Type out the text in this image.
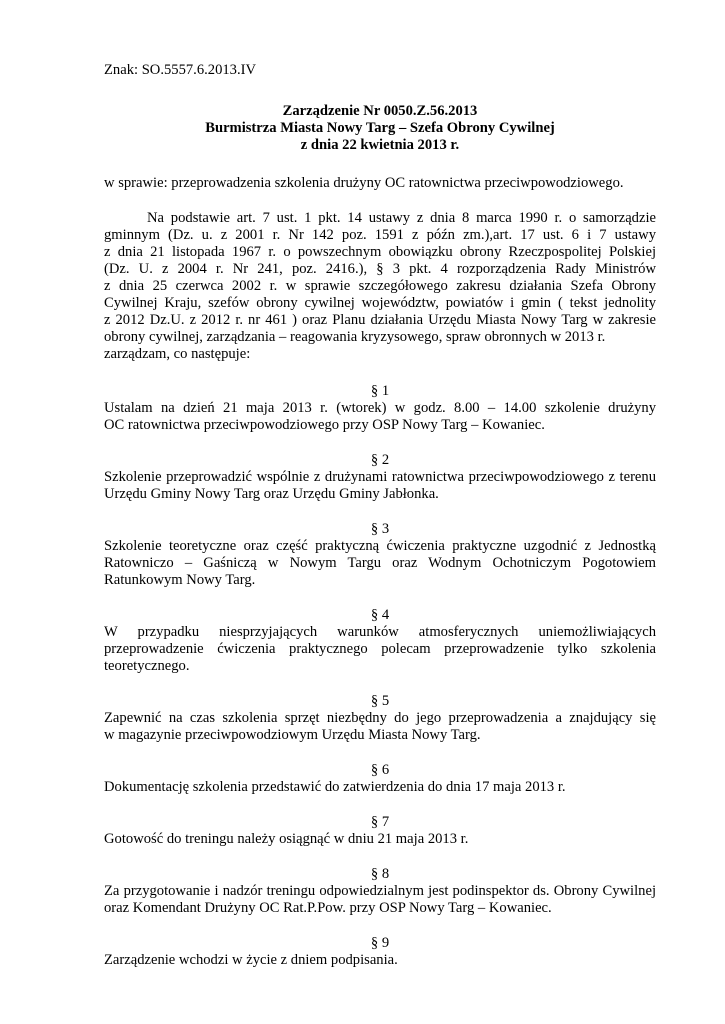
Znak: SO.5557.6.2013.IV
Zarządzenie Nr 0050.Z.56.2013
Burmistrza Miasta Nowy Targ – Szefa Obrony Cywilnej
z dnia 22 kwietnia 2013 r.
w sprawie: przeprowadzenia szkolenia drużyny OC ratownictwa przeciwpowodziowego.
Na podstawie art. 7 ust. 1 pkt. 14 ustawy z dnia 8 marca 1990 r. o samorządzie
gminnym (Dz. u. z 2001 r. Nr 142 poz. 1591 z późn zm.),art. 17 ust. 6 i 7 ustawy
z dnia 21 listopada 1967 r. o powszechnym obowiązku obrony Rzeczpospolitej Polskiej
(Dz. U. z 2004 r. Nr 241, poz. 2416.), § 3 pkt. 4 rozporządzenia Rady Ministrów
z dnia 25 czerwca 2002 r. w sprawie szczegółowego zakresu działania Szefa Obrony
Cywilnej Kraju, szefów obrony cywilnej województw, powiatów i gmin ( tekst jednolity
z 2012 Dz.U. z 2012 r. nr 461 ) oraz Planu działania Urzędu Miasta Nowy Targ w zakresie
obrony cywilnej, zarządzania – reagowania kryzysowego, spraw obronnych w 2013 r.
zarządzam, co następuje:
§ 1
Ustalam na dzień 21 maja 2013 r. (wtorek) w godz. 8.00 – 14.00 szkolenie drużyny
OC ratownictwa przeciwpowodziowego przy OSP Nowy Targ – Kowaniec.
§ 2
Szkolenie przeprowadzić wspólnie z drużynami ratownictwa przeciwpowodziowego z terenu
Urzędu Gminy Nowy Targ oraz Urzędu Gminy Jabłonka.
§ 3
Szkolenie teoretyczne oraz część praktyczną ćwiczenia praktyczne uzgodnić z Jednostką
Ratowniczo – Gaśniczą w Nowym Targu oraz Wodnym Ochotniczym Pogotowiem
Ratunkowym Nowy Targ.
§ 4
W przypadku niesprzyjających warunków atmosferycznych uniemożliwiających
przeprowadzenie ćwiczenia praktycznego polecam przeprowadzenie tylko szkolenia
teoretycznego.
§ 5
Zapewnić na czas szkolenia sprzęt niezbędny do jego przeprowadzenia a znajdujący się
w magazynie przeciwpowodziowym Urzędu Miasta Nowy Targ.
§ 6
Dokumentację szkolenia przedstawić do zatwierdzenia do dnia 17 maja 2013 r.
§ 7
Gotowość do treningu należy osiągnąć w dniu 21 maja 2013 r.
§ 8
Za przygotowanie i nadzór treningu odpowiedzialnym jest podinspektor ds. Obrony Cywilnej
oraz Komendant Drużyny OC Rat.P.Pow. przy OSP Nowy Targ – Kowaniec.
§ 9
Zarządzenie wchodzi w życie z dniem podpisania.
